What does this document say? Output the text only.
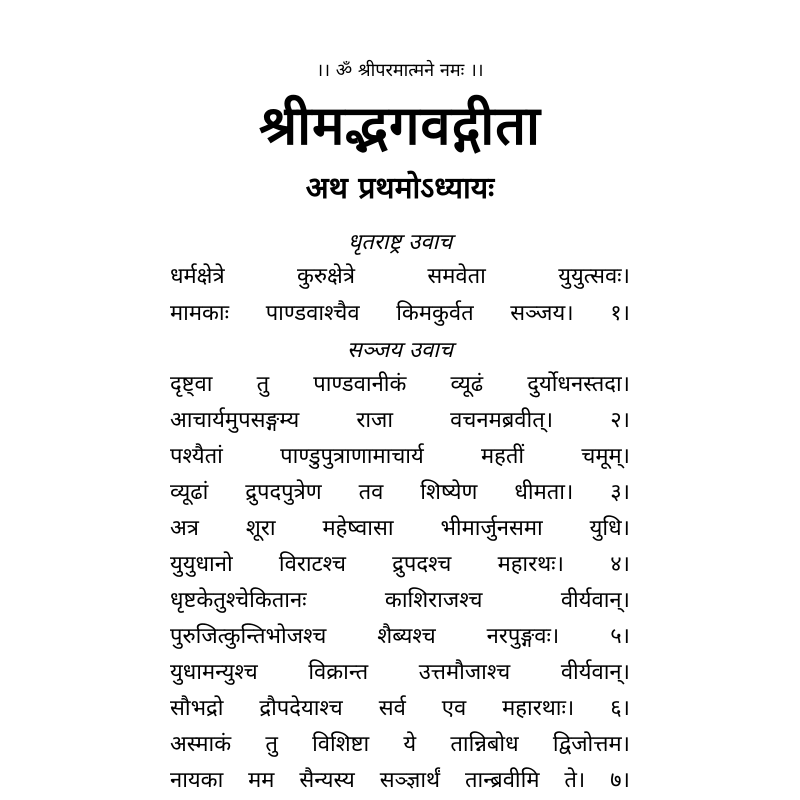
।। ॐ श्रीपरमात्मने नमः ।।
श्रीमद्भगवद्गीता
अथ प्रथमोऽध्यायः
धृतराष्ट्र उवाच
धर्मक्षेत्रे	कुरुक्षेत्रे	समवेता	युयुत्सवः।
मामकाः पाण्डवाश्चैव किमकुर्वत सञ्जय। १।
सञ्जय उवाच
दृष्ट्वा तु पाण्डवानीकं व्यूढं दुर्योधनस्तदा।
आचार्यमुपसङ्गम्य	राजा	वचनमब्रवीत्।	२।
पश्यैतां	पाण्डुपुत्राणामाचार्य	महतीं	चमूम्।
व्यूढां द्रुपदपुत्रेण तव शिष्येण धीमता। ३।
अत्र शूरा महेष्वासा भीमार्जुनसमा युधि।
युयुधानो विराटश्च द्रुपदश्च महारथः। ४।
धृष्टकेतुश्चेकितानः	काशिराजश्च	वीर्यवान्।
पुरुजित्कुन्तिभोजश्च शैब्यश्च नरपुङ्गवः। ५।
युधामन्युश्च विक्रान्त उत्तमौजाश्च वीर्यवान्।
सौभद्रो द्रौपदेयाश्च सर्व एव महारथाः। ६।
अस्माकं तु विशिष्टा ये तान्निबोध द्विजोत्तम।
नायका मम सैन्यस्य सञ्ज्ञार्थं तान्ब्रवीमि ते। ७।
